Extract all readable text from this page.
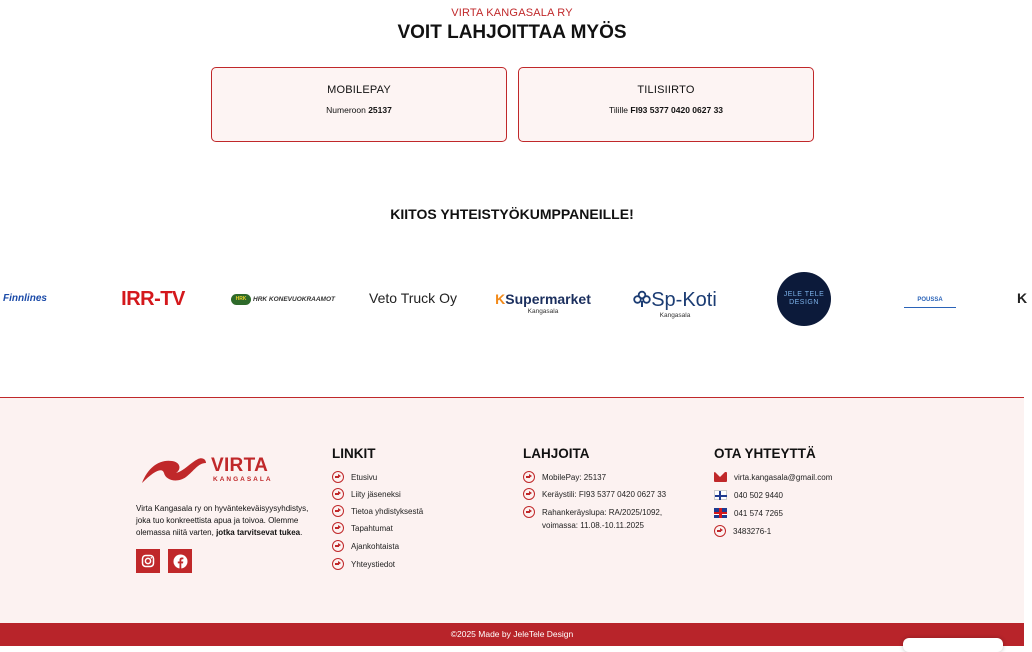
VIRTA KANGASALA RY
VOIT LAHJOITTAA MYÖS
MOBILEPAY
Numeroon 25137
TILISIIRTO
Tilille FI93 5377 0420 0627 33
KIITOS YHTEISTYÖKUMPPANEILLE!
Finnlines	IRR-TV	HRK	HRK KONEVUOKRAAMOT	Veto Truck Oy	KSupermarket
Kangasala
Sp-Koti
Kangasala
JELE TELE
DESIGN	POUSSA	K
VIRTA
KANGASALA
Virta Kangasala ry on hyväntekeväisyysyhdistys, joka tuo konkreettista apua ja toivoa. Olemme olemassa niitä varten, jotka tarvitsevat tukea.
LINKIT
Etusivu
Liity jäseneksi
Tietoa yhdistyksestä
Tapahtumat
Ajankohtaista
Yhteystiedot
LAHJOITA
MobilePay: 25137
Keräystili: FI93 5377 0420 0627 33
Rahankeräyslupa: RA/2025/1092, voimassa: 11.08.-10.11.2025
OTA YHTEYTTÄ
virta.kangasala@gmail.com
040 502 9440
041 574 7265
3483276-1
©2025 Made by JeleTele Design
